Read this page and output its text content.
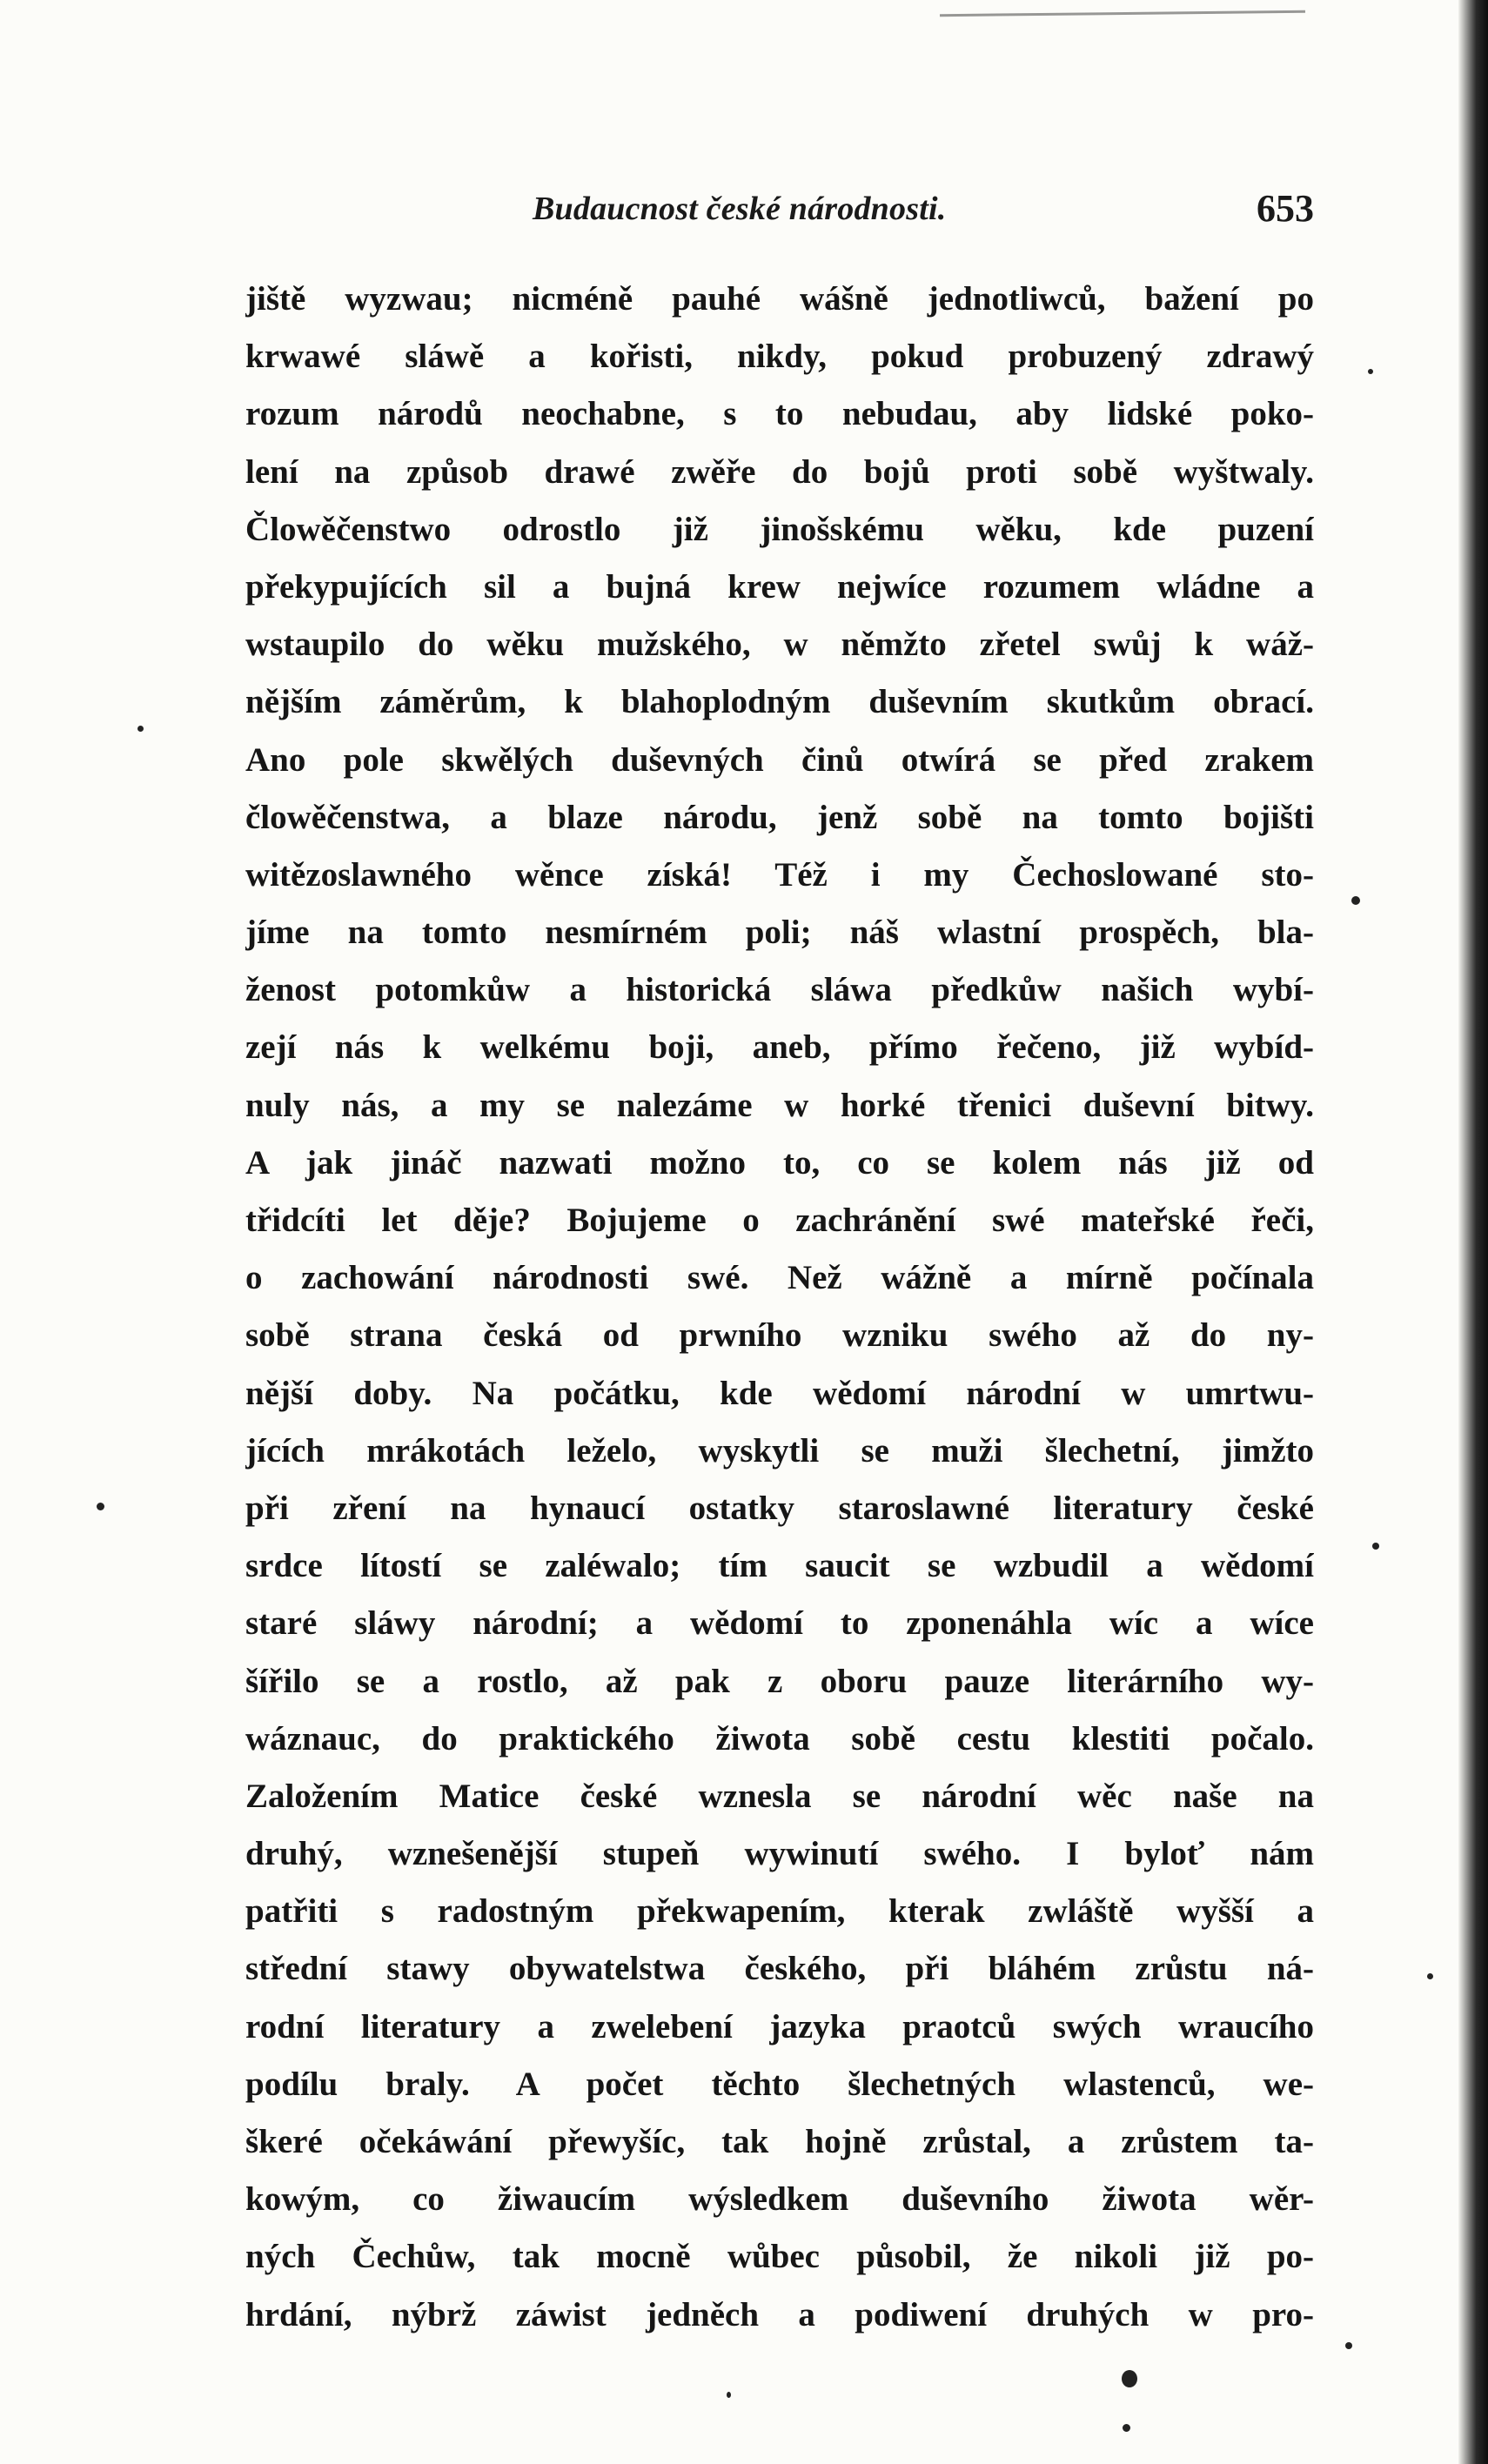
Budaucnost české národnosti.	653
jiště wyzwau; nicméně pauhé wášně jednotliwců, bažení po
krwawé sláwě a kořisti, nikdy, pokud probuzený zdrawý
rozum národů neochabne, s to nebudau, aby lidské poko-
lení na způsob drawé zwěře do bojů proti sobě wyštwaly.
Člowěčenstwo odrostlo již jinošskému wěku, kde puzení
překypujících sil a bujná krew nejwíce rozumem wládne a
wstaupilo do wěku mužského, w němžto zřetel swůj k wáž-
nějším záměrům, k blahoplodným duševním skutkům obrací.
Ano pole skwělých duševných činů otwírá se před zrakem
člowěčenstwa, a blaze národu, jenž sobě na tomto bojišti
witězoslawného wěnce získá! Též i my Čechoslowané sto-
jíme na tomto nesmírném poli; náš wlastní prospěch, bla-
ženost potomkůw a historická sláwa předkůw našich wybí-
zejí nás k welkému boji, aneb, přímo řečeno, již wybíd-
nuly nás, a my se nalezáme w horké třenici duševní bitwy.
A jak jináč nazwati možno to, co se kolem nás již od
třidcíti let děje? Bojujeme o zachránění swé mateřské řeči,
o zachowání národnosti swé. Než wážně a mírně počínala
sobě strana česká od prwního wzniku swého až do ny-
nější doby. Na počátku, kde wědomí národní w umrtwu-
jících mrákotách leželo, wyskytli se muži šlechetní, jimžto
při zření na hynaucí ostatky staroslawné literatury české
srdce lítostí se zaléwalo; tím saucit se wzbudil a wědomí
staré sláwy národní; a wědomí to zponenáhla wíc a wíce
šířilo se a rostlo, až pak z oboru pauze literárního wy-
wáznauc, do praktického žiwota sobě cestu klestiti počalo.
Založením Matice české wznesla se národní wěc naše na
druhý, wznešenější stupeň wywinutí swého. I byloť nám
patřiti s radostným překwapením, kterak zwláště wyšší a
střední stawy obywatelstwa českého, při bláhém zrůstu ná-
rodní literatury a zwelebení jazyka praotců swých wraucího
podílu braly. A počet těchto šlechetných wlastenců, we-
škeré očekáwání přewyšíc, tak hojně zrůstal, a zrůstem ta-
kowým, co žiwaucím wýsledkem duševního žiwota wěr-
ných Čechůw, tak mocně wůbec působil, že nikoli již po-
hrdání, nýbrž záwist jedněch a podiwení druhých w pro-
